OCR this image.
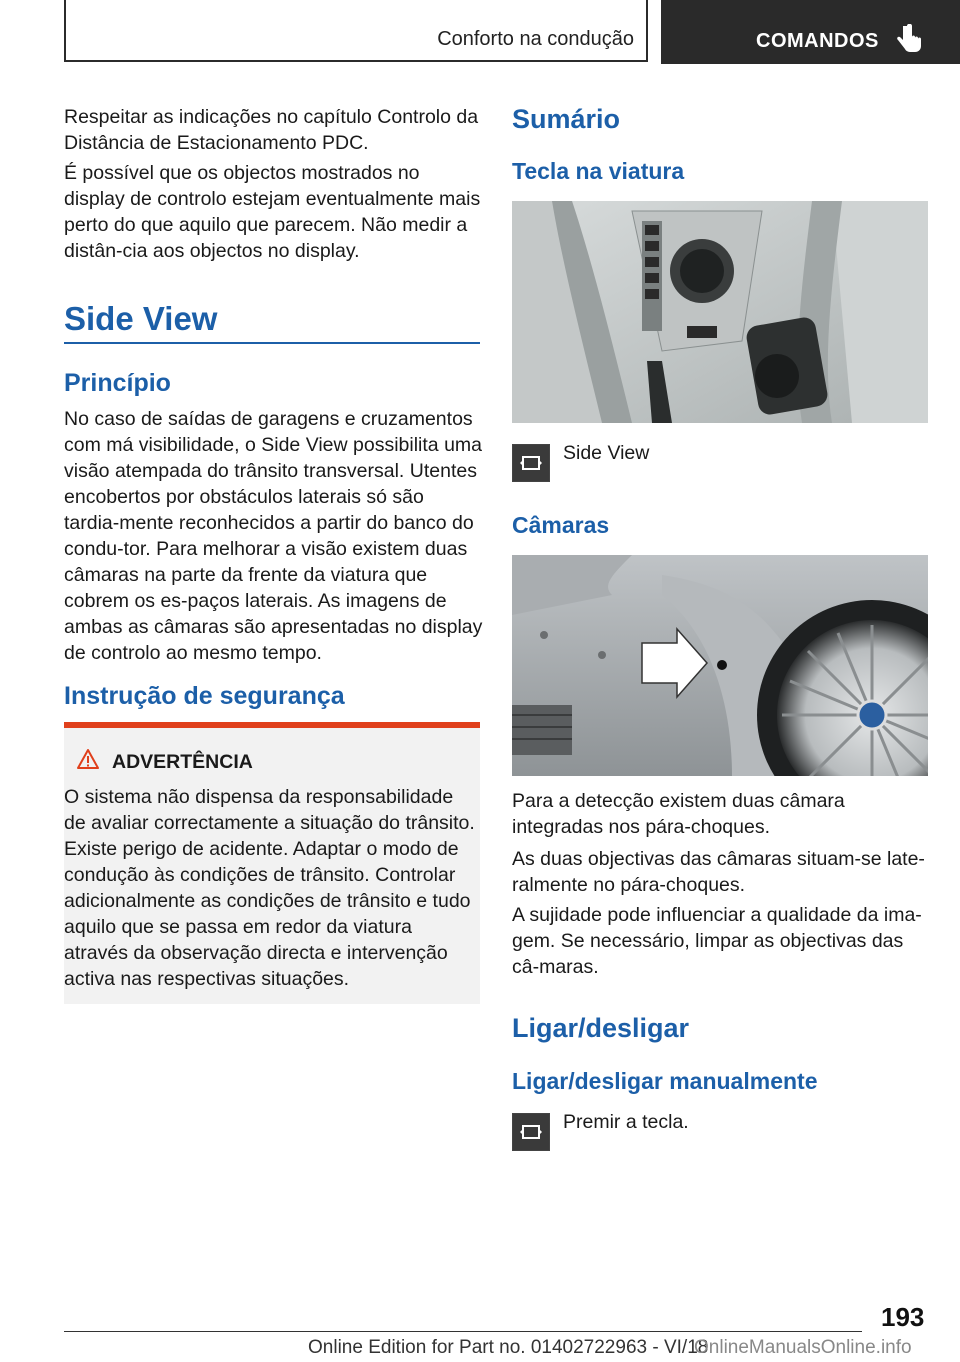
Conforto na condução	COMANDOS

Respeitar as indicações no capítulo Controlo da Distância de Estacionamento PDC.

É possível que os objectos mostrados no display de controlo estejam eventualmente mais perto do que aquilo que parecem. Não medir a distân-cia aos objectos no display.

Side View
Princípio

No caso de saídas de garagens e cruzamentos com má visibilidade, o Side View possibilita uma visão atempada do trânsito transversal. Utentes encobertos por obstáculos laterais só são tardia-mente reconhecidos a partir do banco do condu-tor. Para melhorar a visão existem duas câmaras na parte da frente da viatura que cobrem os es-paços laterais. As imagens de ambas as câmaras são apresentadas no display de controlo ao mesmo tempo.

Instrução de segurança
ADVERTÊNCIA

O sistema não dispensa da responsabilidade de avaliar correctamente a situação do trânsito. Existe perigo de acidente. Adaptar o modo de condução às condições de trânsito. Controlar adicionalmente as condições de trânsito e tudo aquilo que se passa em redor da viatura através da observação directa e intervenção activa nas respectivas situações.

Sumário
Tecla na viatura
Side View
Câmaras

Para a detecção existem duas câmara integradas nos pára-choques.

As duas objectivas das câmaras situam-se late-ralmente no pára-choques.

A sujidade pode influenciar a qualidade da ima-gem. Se necessário, limpar as objectivas das câ-maras.

Ligar/desligar
Ligar/desligar manualmente
Premir a tecla.
193
Online Edition for Part no. 01402722963 - VI/18
OnlineManualsOnline.info
